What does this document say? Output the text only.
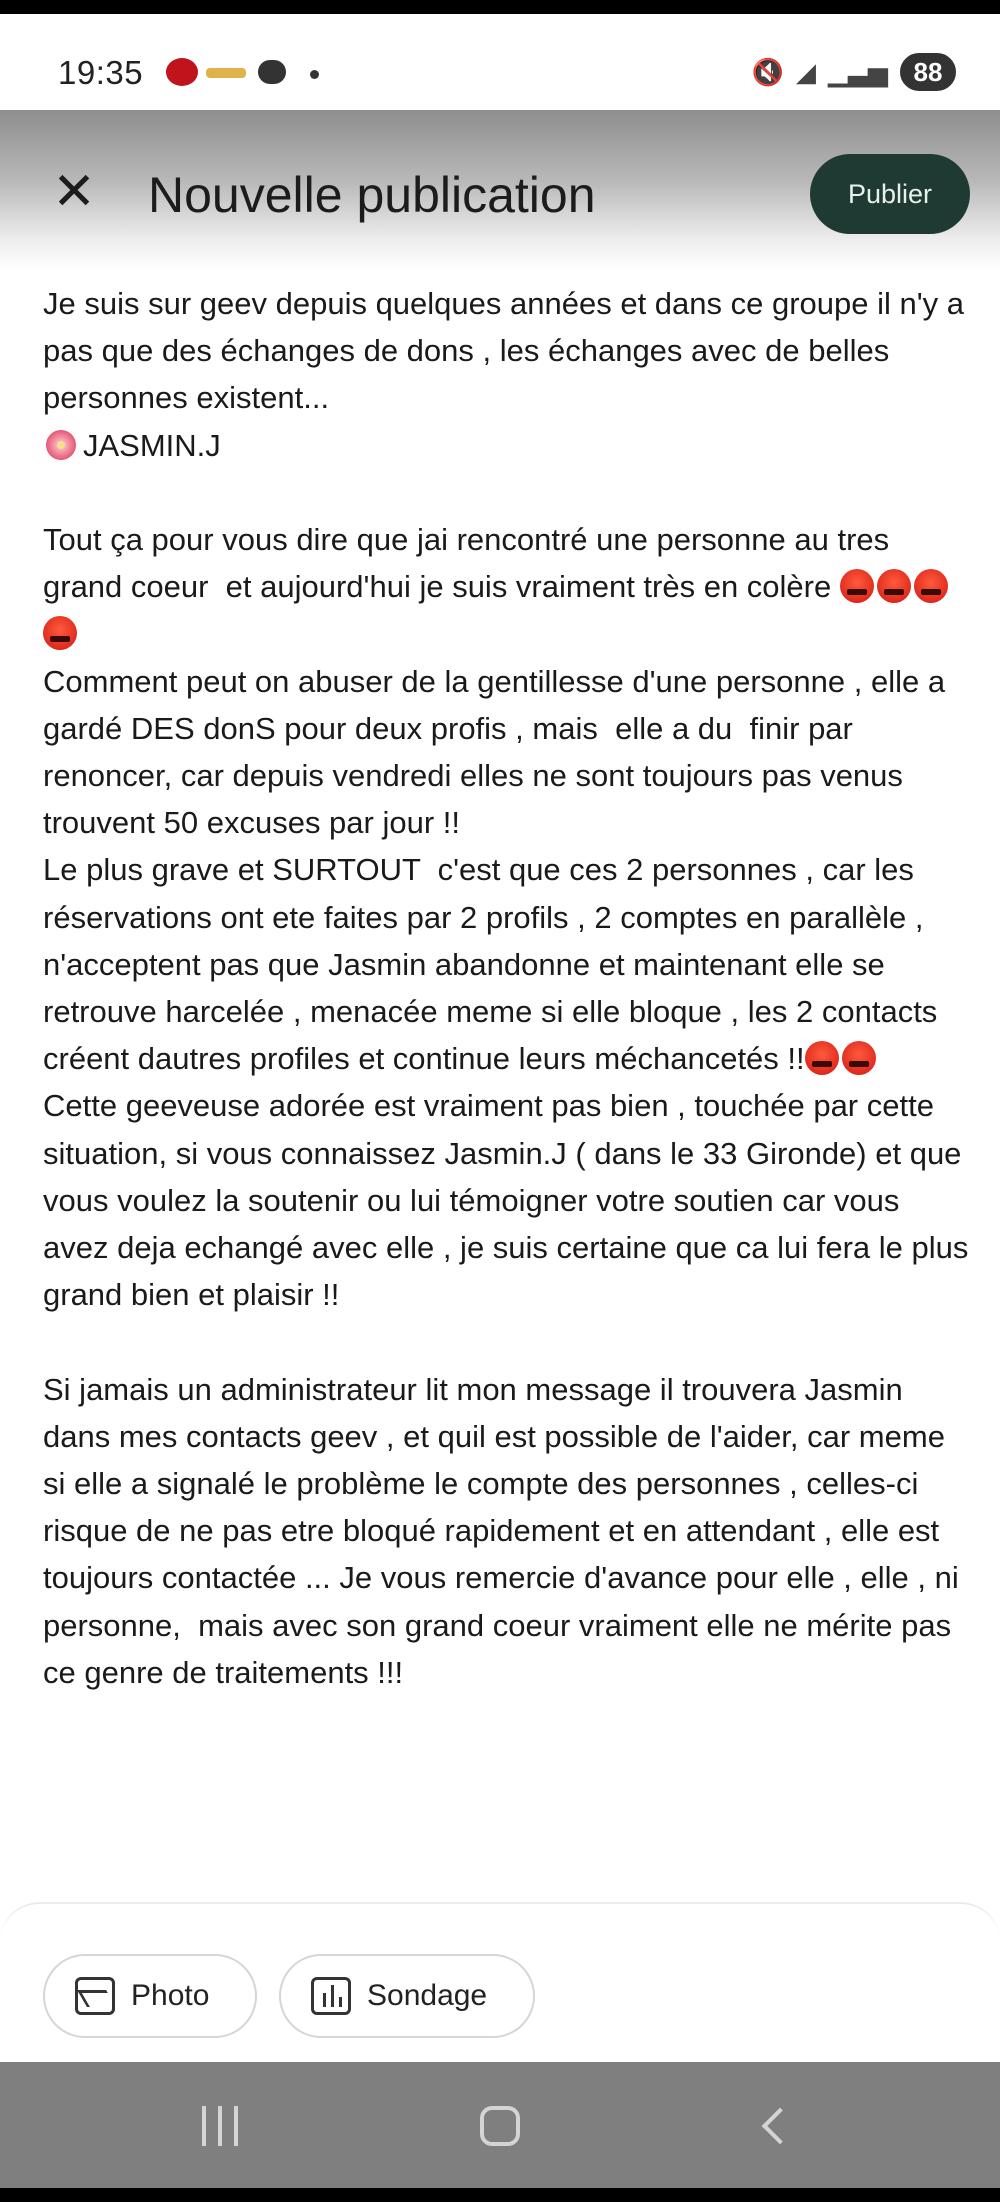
19:35	🔇 ◢ ▁▃▅ 88
✕ Nouvelle publication	Publier

Je suis sur geev depuis quelques années et dans ce groupe il n'y a pas que des échanges de dons , les échanges avec de belles personnes existent...
JASMIN.J

Tout ça pour vous dire que jai rencontré une personne au tres grand coeur  et aujourd'hui je suis vraiment très en colère

Comment peut on abuser de la gentillesse d'une personne , elle a gardé DES donS pour deux profis , mais  elle a du  finir par renoncer, car depuis vendredi elles ne sont toujours pas venus trouvent 50 excuses par jour !!

Le plus grave et SURTOUT  c'est que ces 2 personnes , car les réservations ont ete faites par 2 profils , 2 comptes en parallèle , n'acceptent pas que Jasmin abandonne et maintenant elle se retrouve harcelée , menacée meme si elle bloque , les 2 contacts créent dautres profiles et continue leurs méchancetés !!

Cette geeveuse adorée est vraiment pas bien , touchée par cette situation, si vous connaissez Jasmin.J ( dans le 33 Gironde) et que vous voulez la soutenir ou lui témoigner votre soutien car vous avez deja echangé avec elle , je suis certaine que ca lui fera le plus grand bien et plaisir !!

Si jamais un administrateur lit mon message il trouvera Jasmin dans mes contacts geev , et quil est possible de l'aider, car meme si elle a signalé le problème le compte des personnes , celles-ci risque de ne pas etre bloqué rapidement et en attendant , elle est toujours contactée ... Je vous remercie d'avance pour elle , elle , ni personne,  mais avec son grand coeur vraiment elle ne mérite pas ce genre de traitements !!!

Photo	Sondage
